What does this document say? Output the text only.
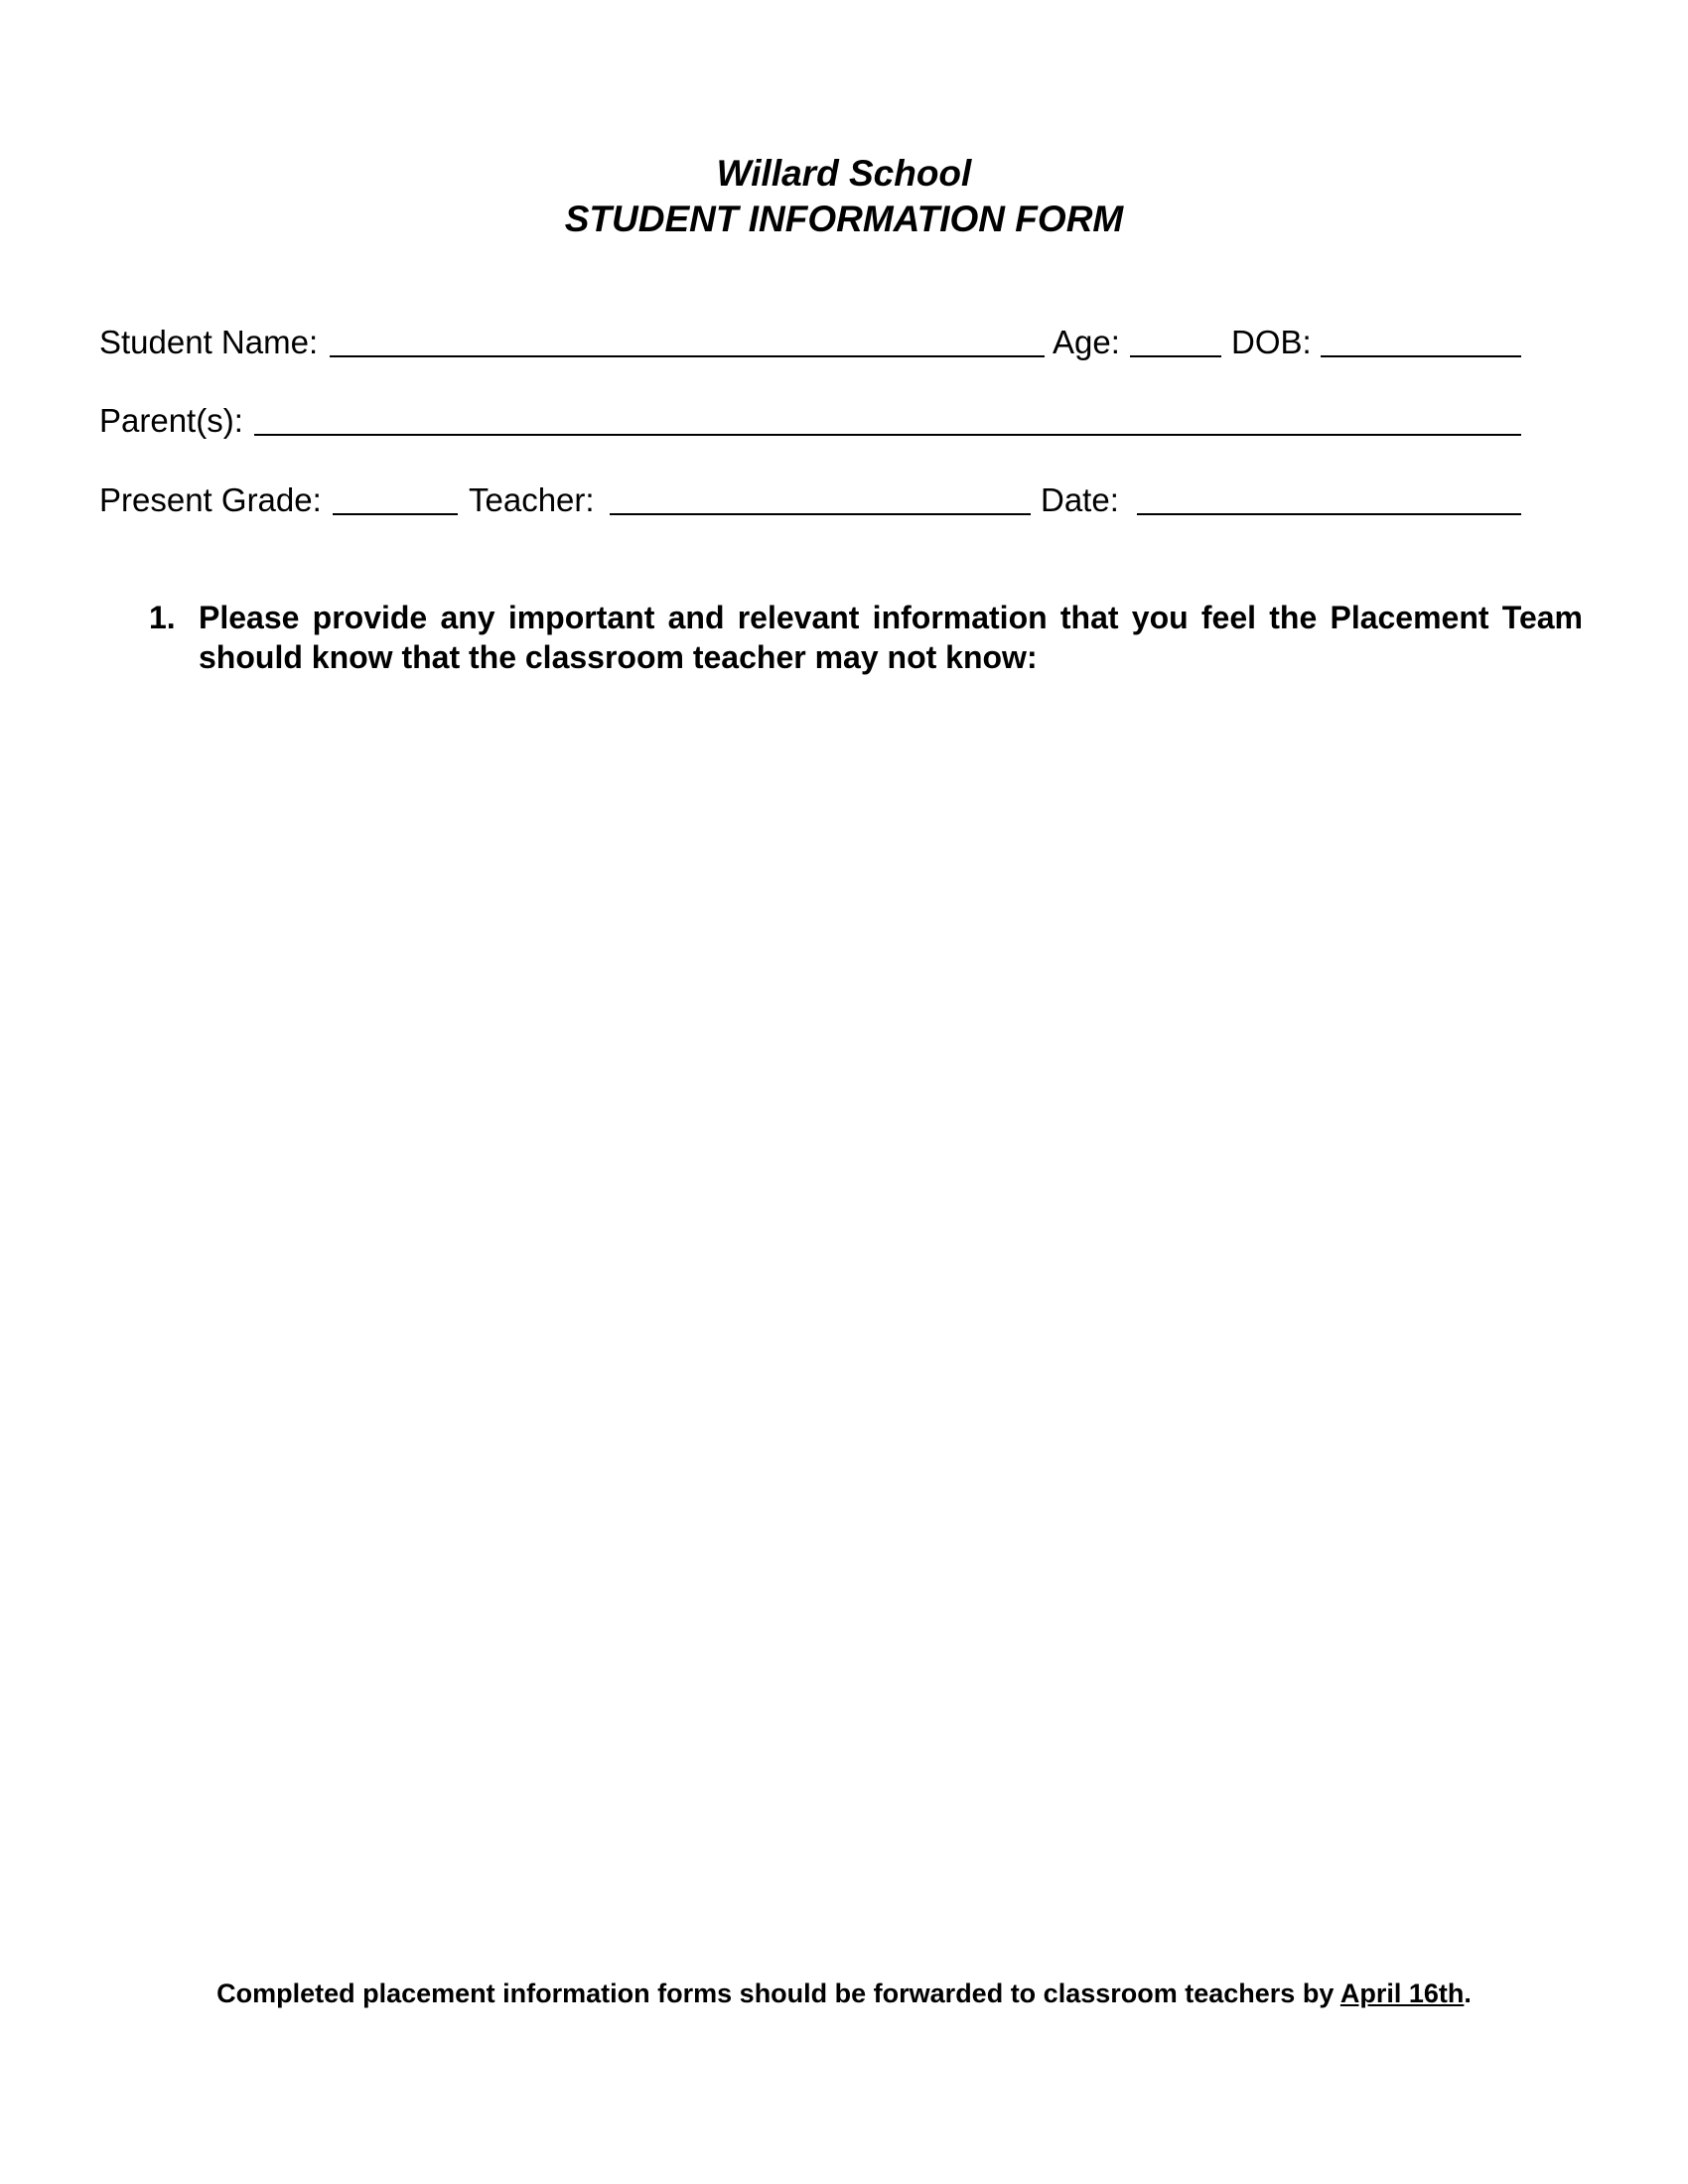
Willard School
STUDENT INFORMATION FORM
Student Name:	Age:	DOB:
Parent(s):
Present Grade:	Teacher:	Date:
1. Please provide any important and relevant information that you feel the Placement Team should know that the classroom teacher may not know:
Completed placement information forms should be forwarded to classroom teachers by April 16th.
